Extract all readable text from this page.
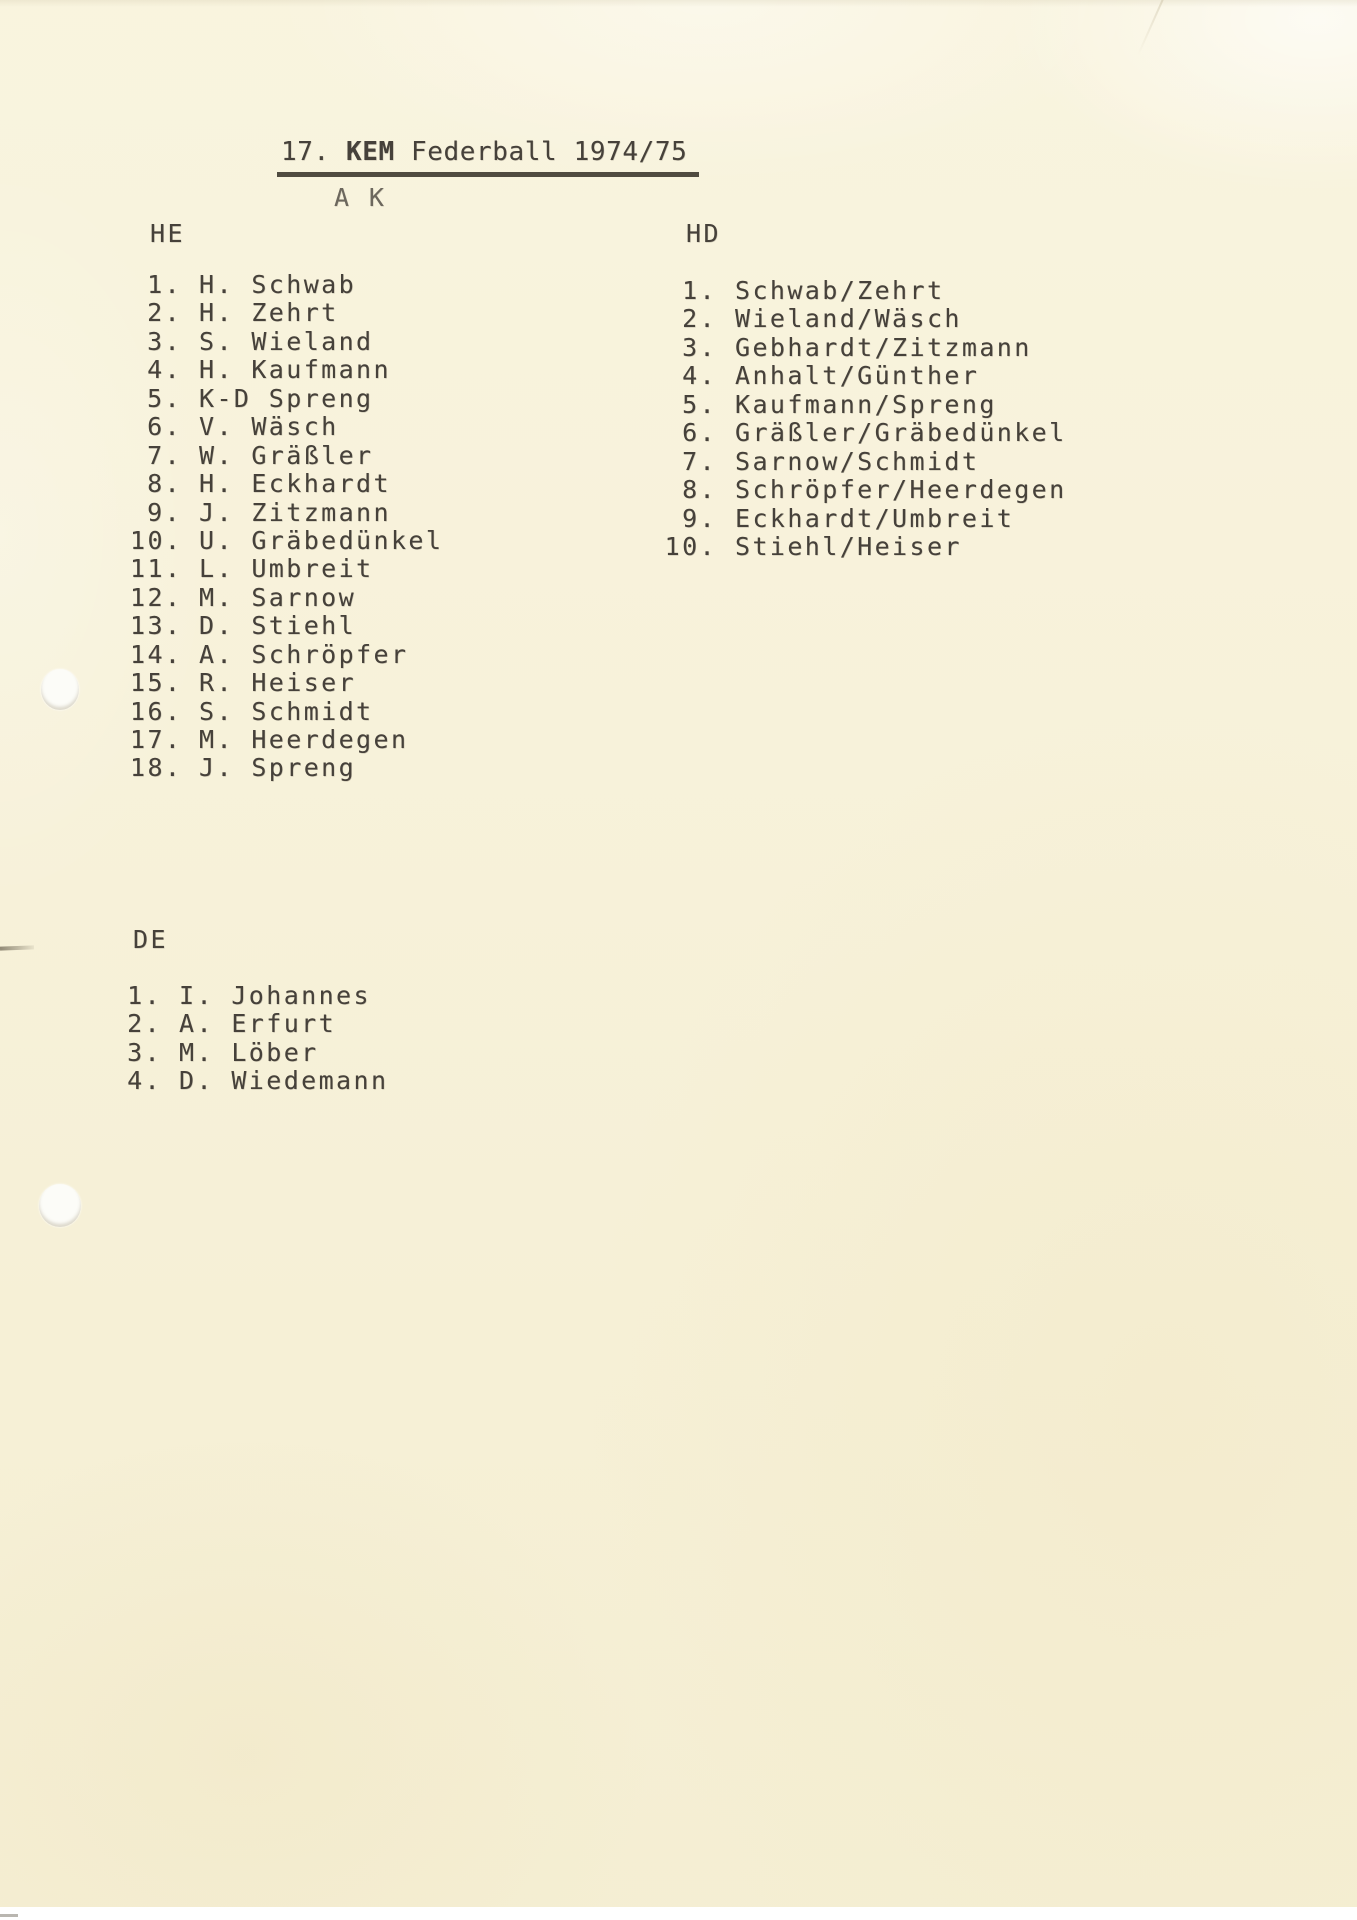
17. KEM Federball 1974/75
A K
HE
1. H. Schwab
2. H. Zehrt
3. S. Wieland
4. H. Kaufmann
5. K-D Spreng
6. V. Wäsch
7. W. Gräßler
8. H. Eckhardt
9. J. Zitzmann
10. U. Gräbedünkel
11. L. Umbreit
12. M. Sarnow
13. D. Stiehl
14. A. Schröpfer
15. R. Heiser
16. S. Schmidt
17. M. Heerdegen
18. J. Spreng
HD
1. Schwab/Zehrt
2. Wieland/Wäsch
3. Gebhardt/Zitzmann
4. Anhalt/Günther
5. Kaufmann/Spreng
6. Gräßler/Gräbedünkel
7. Sarnow/Schmidt
8. Schröpfer/Heerdegen
9. Eckhardt/Umbreit
10. Stiehl/Heiser
DE
1. I. Johannes
2. A. Erfurt
3. M. Löber
4. D. Wiedemann
